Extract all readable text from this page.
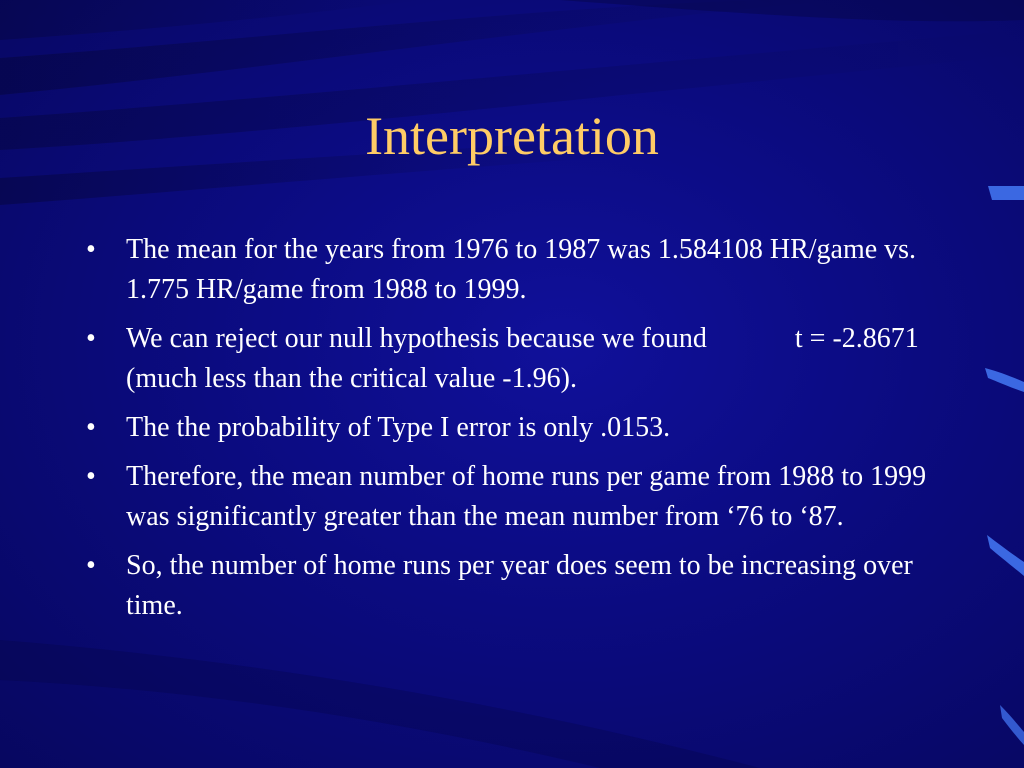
Interpretation
• The mean for the years from 1976 to 1987 was 1.584108 HR/game vs. 1.775 HR/game from 1988 to 1999.
• We can reject our null hypothesis because we found	t = -2.8671 (much less than the critical value -1.96).
• The the probability of Type I error is only .0153.
• Therefore, the mean number of home runs per game from 1988 to 1999 was significantly greater than the mean number from ‘76 to ‘87.
• So, the number of home runs per year does seem to be increasing over time.
